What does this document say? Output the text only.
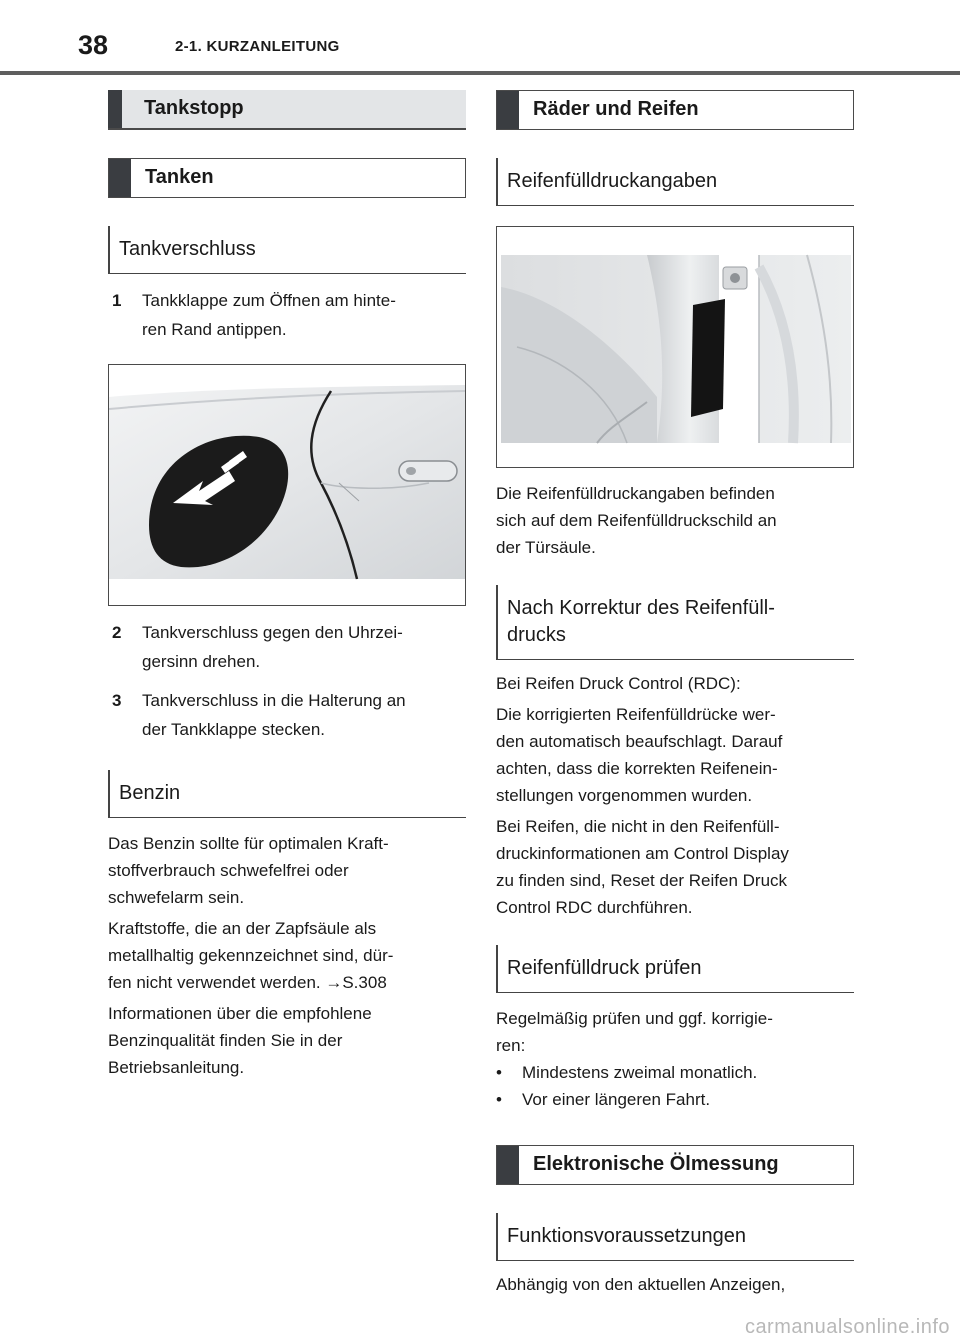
38	2-1. KURZANLEITUNG
Tankstopp
Tanken
Tankverschluss
1 Tankklappe zum Öffnen am hinte-
ren Rand antippen.
2 Tankverschluss gegen den Uhrzei-
gersinn drehen.
3 Tankverschluss in die Halterung an
der Tankklappe stecken.
Benzin
Das Benzin sollte für optimalen Kraft-
stoffverbrauch schwefelfrei oder
schwefelarm sein.
Kraftstoffe, die an der Zapfsäule als
metallhaltig gekennzeichnet sind, dür-
fen nicht verwendet werden. →S.308
Informationen über die empfohlene
Benzinqualität finden Sie in der
Betriebsanleitung.
Räder und Reifen
Reifenfülldruckangaben
Die Reifenfülldruckangaben befinden
sich auf dem Reifenfülldruckschild an
der Türsäule.
Nach Korrektur des Reifenfüll-
drucks
Bei Reifen Druck Control (RDC):
Die korrigierten Reifenfülldrücke wer-
den automatisch beaufschlagt. Darauf
achten, dass die korrekten Reifenein-
stellungen vorgenommen wurden.
Bei Reifen, die nicht in den Reifenfüll-
druckinformationen am Control Display
zu finden sind, Reset der Reifen Druck
Control RDC durchführen.
Reifenfülldruck prüfen
Regelmäßig prüfen und ggf. korrigie-
ren:
• Mindestens zweimal monatlich.
• Vor einer längeren Fahrt.
Elektronische Ölmessung
Funktionsvoraussetzungen
Abhängig von den aktuellen Anzeigen,
carmanualsonline.info
